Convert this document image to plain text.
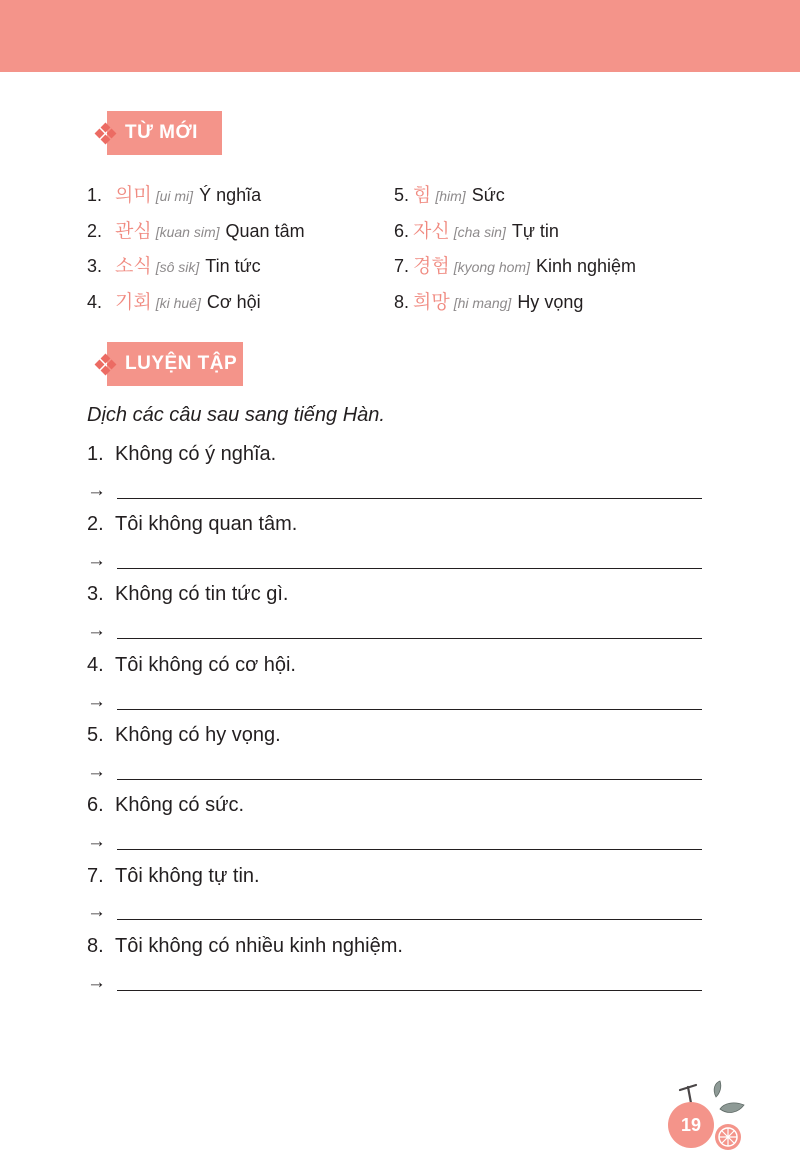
TỪ MỚI
1. 의미 [ui mi] Ý nghĩa
2. 관심 [kuan sim] Quan tâm
3. 소식 [sô sik] Tin tức
4. 기회 [ki huê] Cơ hội
5. 힘 [him] Sức
6. 자신 [cha sin] Tự tin
7. 경험 [kyong hom] Kinh nghiệm
8. 희망 [hi mang] Hy vọng
LUYỆN TẬP
Dịch các câu sau sang tiếng Hàn.
1. Không có ý nghĩa.
→
2. Tôi không quan tâm.
→
3. Không có tin tức gì.
→
4. Tôi không có cơ hội.
→
5. Không có hy vọng.
→
6. Không có sức.
→
7. Tôi không tự tin.
→
8. Tôi không có nhiều kinh nghiệm.
→
19
